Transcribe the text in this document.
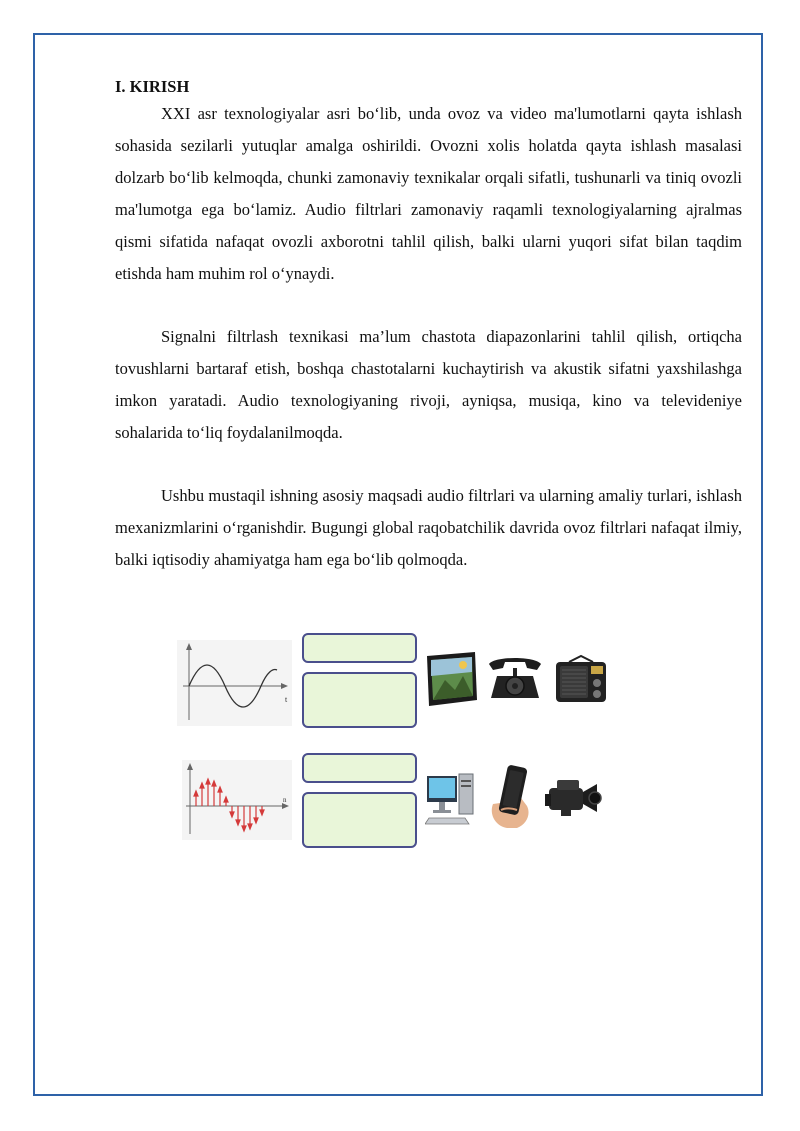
I. KIRISH

XXI asr texnologiyalar asri bo‘lib, unda ovoz va video ma'lumotlarni qayta ishlash sohasida sezilarli yutuqlar amalga oshirildi. Ovozni xolis holatda qayta ishlash masalasi dolzarb bo‘lib kelmoqda, chunki zamonaviy texnikalar orqali sifatli, tushunarli va tiniq ovozli ma'lumotga ega bo‘lamiz. Audio filtrlari zamonaviy raqamli texnologiyalarning ajralmas qismi sifatida nafaqat ovozli axborotni tahlil qilish, balki ularni yuqori sifat bilan taqdim etishda ham muhim rol o‘ynaydi.

Signalni filtrlash texnikasi ma’lum chastota diapazonlarini tahlil qilish, ortiqcha tovushlarni bartaraf etish, boshqa chastotalarni kuchaytirish va akustik sifatni yaxshilashga imkon yaratadi. Audio texnologiyaning rivoji, ayniqsa, musiqa, kino va televideniye sohalarida to‘liq foydalanilmoqda.

Ushbu mustaqil ishning asosiy maqsadi audio filtrlari va ularning amaliy turlari, ishlash mexanizmlarini o‘rganishdir. Bugungi global raqobatchilik davrida ovoz filtrlari nafaqat ilmiy, balki iqtisodiy ahamiyatga ham ega bo‘lib qolmoqda.

t
n
